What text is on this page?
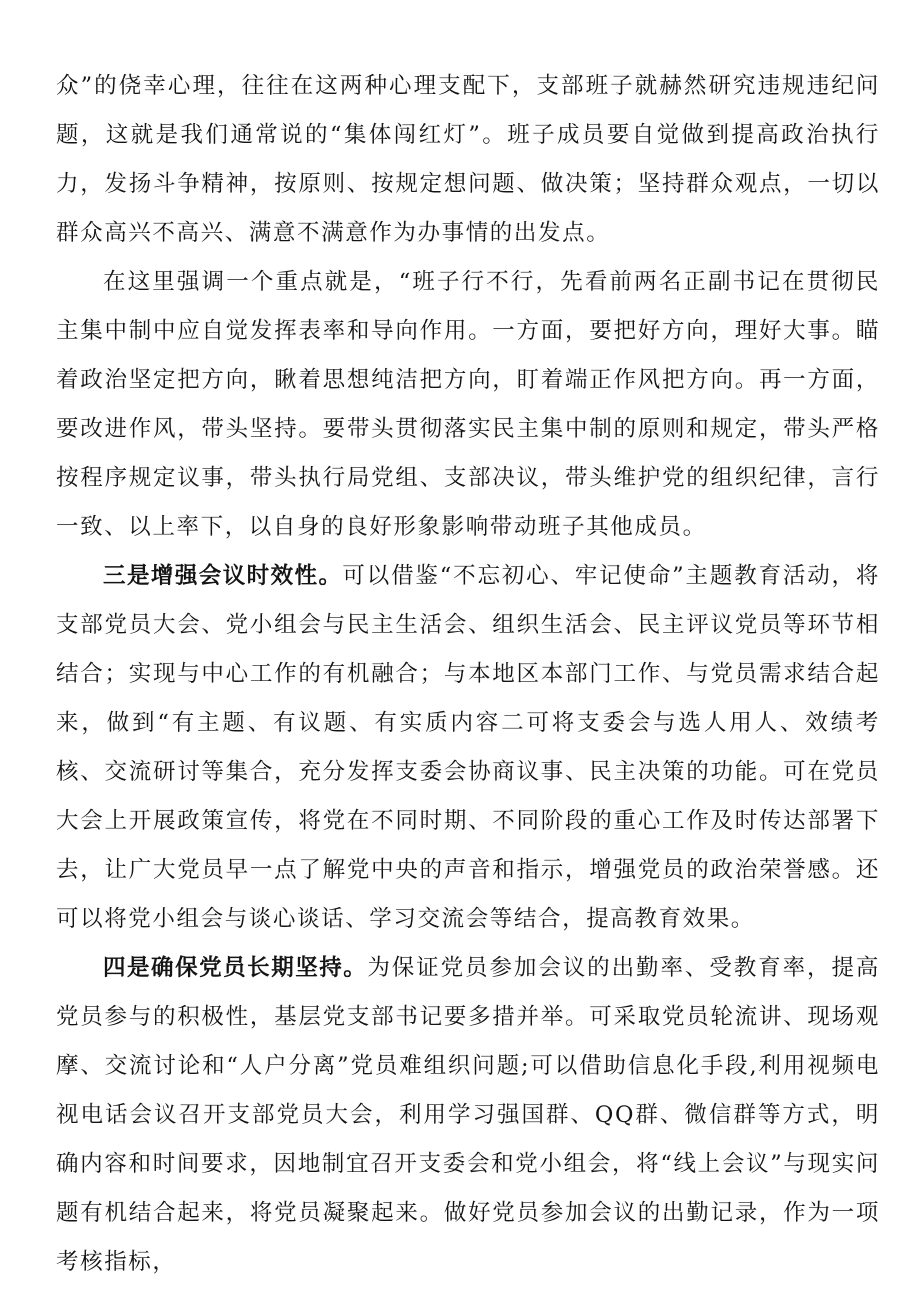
众”的侥幸心理，往往在这两种心理支配下，支部班子就赫然研究违规违纪问题，这就是我们通常说的“集体闯红灯”。班子成员要自觉做到提高政治执行力，发扬斗争精神，按原则、按规定想问题、做决策；坚持群众观点，一切以群众高兴不高兴、满意不满意作为办事情的出发点。

在这里强调一个重点就是，“班子行不行，先看前两名正副书记在贯彻民主集中制中应自觉发挥表率和导向作用。一方面，要把好方向，理好大事。瞄着政治坚定把方向，瞅着思想纯洁把方向，盯着端正作风把方向。再一方面，要改进作风，带头坚持。要带头贯彻落实民主集中制的原则和规定，带头严格按程序规定议事，带头执行局党组、支部决议，带头维护党的组织纪律，言行一致、以上率下，以自身的良好形象影响带动班子其他成员。

三是增强会议时效性。可以借鉴“不忘初心、牢记使命”主题教育活动，将支部党员大会、党小组会与民主生活会、组织生活会、民主评议党员等环节相结合；实现与中心工作的有机融合；与本地区本部门工作、与党员需求结合起来，做到“有主题、有议题、有实质内容二可将支委会与选人用人、效绩考核、交流研讨等集合，充分发挥支委会协商议事、民主决策的功能。可在党员大会上开展政策宣传，将党在不同时期、不同阶段的重心工作及时传达部署下去，让广大党员早一点了解党中央的声音和指示，增强党员的政治荣誉感。还可以将党小组会与谈心谈话、学习交流会等结合，提高教育效果。

四是确保党员长期坚持。为保证党员参加会议的出勤率、受教育率，提高党员参与的积极性，基层党支部书记要多措并举。可采取党员轮流讲、现场观摩、交流讨论和“人户分离”党员难组织问题;可以借助信息化手段,利用视频电视电话会议召开支部党员大会，利用学习强国群、QQ群、微信群等方式，明确内容和时间要求，因地制宜召开支委会和党小组会，将“线上会议”与现实问题有机结合起来，将党员凝聚起来。做好党员参加会议的出勤记录，作为一项考核指标，
